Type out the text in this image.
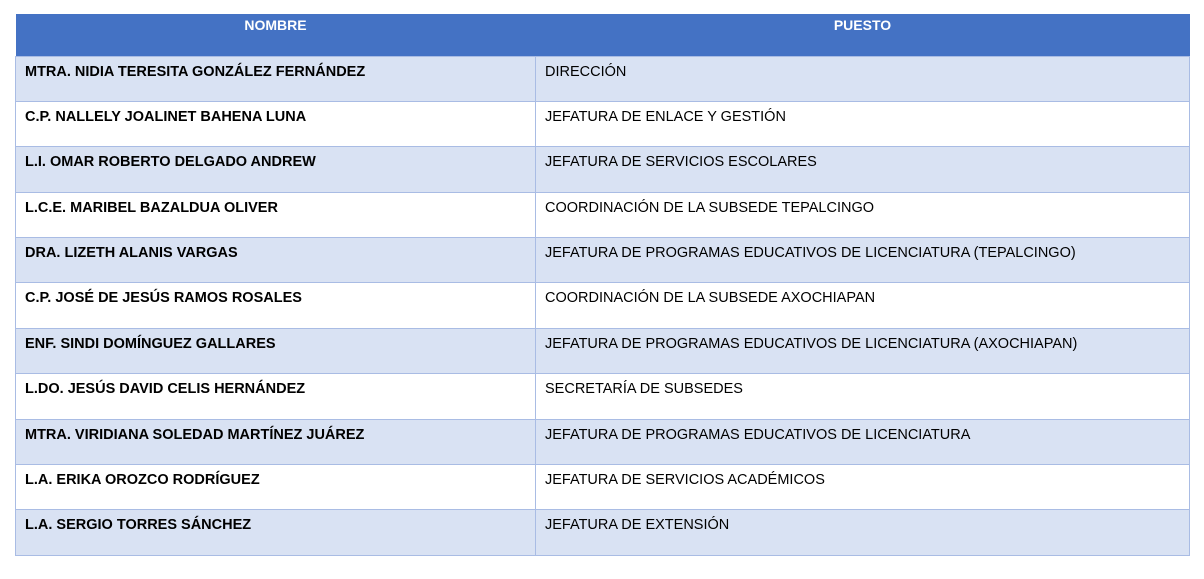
NOMBRE	PUESTO
MTRA. NIDIA TERESITA GONZÁLEZ FERNÁNDEZ	DIRECCIÓN
C.P. NALLELY JOALINET BAHENA LUNA	JEFATURA DE ENLACE Y GESTIÓN
L.I. OMAR ROBERTO DELGADO ANDREW	JEFATURA DE SERVICIOS ESCOLARES
L.C.E. MARIBEL BAZALDUA OLIVER	COORDINACIÓN DE LA SUBSEDE TEPALCINGO
DRA. LIZETH ALANIS VARGAS	JEFATURA DE PROGRAMAS EDUCATIVOS DE LICENCIATURA (TEPALCINGO)
C.P. JOSÉ DE JESÚS RAMOS ROSALES	COORDINACIÓN DE LA SUBSEDE AXOCHIAPAN
ENF. SINDI DOMÍNGUEZ GALLARES	JEFATURA DE PROGRAMAS EDUCATIVOS DE LICENCIATURA (AXOCHIAPAN)
L.DO. JESÚS DAVID CELIS HERNÁNDEZ	SECRETARÍA DE SUBSEDES
MTRA. VIRIDIANA SOLEDAD MARTÍNEZ JUÁREZ	JEFATURA DE PROGRAMAS EDUCATIVOS DE LICENCIATURA
L.A. ERIKA OROZCO RODRÍGUEZ	JEFATURA DE SERVICIOS ACADÉMICOS
L.A. SERGIO TORRES SÁNCHEZ	JEFATURA DE EXTENSIÓN
